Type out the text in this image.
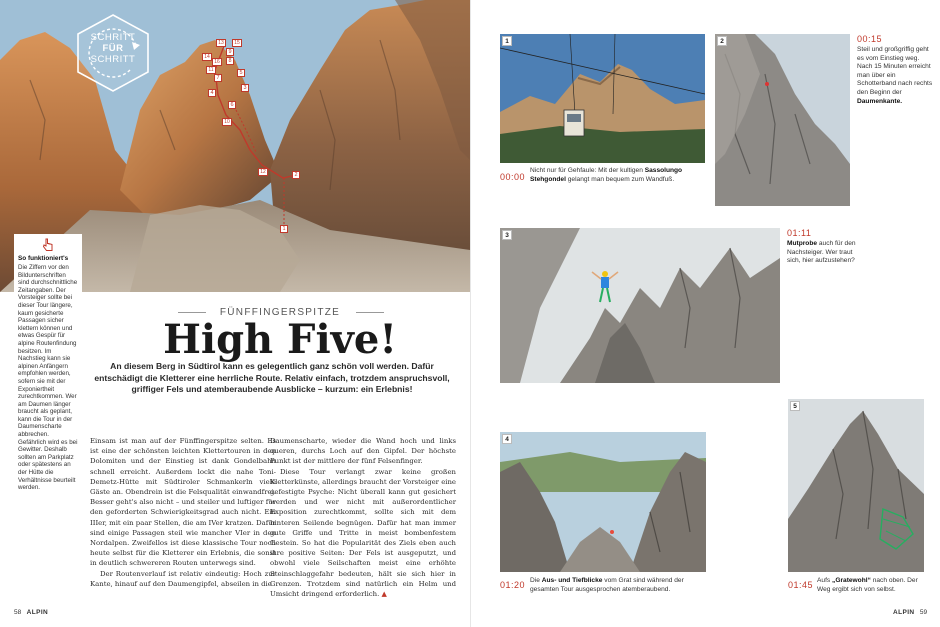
1
2
3
4
5
6
7
8
9
10
11
12
13
14
15
16
SCHRITT
FÜR
SCHRITT
So funktioniert's

Die Ziffern vor den Bildunterschriften sind durchschnittliche Zeitangaben. Der Vorsteiger sollte bei dieser Tour längere, kaum gesicherte Passagen sicher klettern können und etwas Gespür für alpine Routenfindung besitzen. Im Nachstieg kann sie alpinen Anfängern empfohlen werden, sofern sie mit der Exponiertheit zurechtkommen. Wer am Daumen länger braucht als geplant, kann die Tour in der Daumenscharte abbrechen. Gefährlich wird es bei Gewitter. Deshalb sollten am Parkplatz oder spätestens an der Hütte die Verhältnisse beurteilt werden.

FÜNFFINGERSPITZE
High Five!
An diesem Berg in Südtirol kann es gelegentlich ganz schön voll werden. Dafür entschädigt die Kletterer eine herrliche Route. Relativ einfach, trotzdem anspruchsvoll, griffiger Fels und atemberaubende Ausblicke – kurzum: ein Erlebnis!

Einsam ist man auf der Fünffingerspitze selten. Es ist eine der schönsten leichten Klettertouren in den Dolomiten und der Einstieg ist dank Gondelbahn schnell erreicht. Außerdem lockt die nahe Toni-Demetz-Hütte mit Südtiroler Schmankerln viele Gäste an. Obendrein ist die Felsqualität einwandfrei. Besser geht's also nicht – und steiler und luftiger für den geforderten Schwierigkeitsgrad auch nicht. Ein IIIer, mit ein paar Stellen, die am IVer kratzen. Dafür sind einige Passagen steil wie mancher VIer in den Nordalpen. Zweifellos ist diese klassische Tour noch heute selbst für die Kletterer ein Erlebnis, die sonst in deutlich schwereren Routen unterwegs sind.

Der Routenverlauf ist relativ eindeutig: Hoch zur Kante, hinauf auf den Daumengipfel, abseilen in die

Daumenscharte, wieder die Wand hoch und links queren, durchs Loch auf den Gipfel. Der höchste Punkt ist der mittlere der fünf Felsenfinger.

Diese Tour verlangt zwar keine großen Kletterkünste, allerdings braucht der Vorsteiger eine gefestigte Psyche: Nicht überall kann gut gesichert werden und wer nicht mit außerordentlicher Exposition zurechtkommt, sollte sich mit dem hinteren Seilende begnügen. Dafür hat man immer gute Griffe und Tritte in meist bombenfestem Gestein. So hat die Popularität des Ziels eben auch ihre positive Seiten: Der Fels ist ausgeputzt, und obwohl viele Seilschaften meist eine erhöhte Steinschlaggefahr bedeuten, hält sie sich hier in Grenzen. Trotzdem sind natürlich ein Helm und Umsicht dringend erforderlich. ▲

58 ALPIN
1
00:00
Nicht nur für Gehfaule: Mit der kultigen Sassolungo Stehgondel gelangt man bequem zum Wandfuß.
2	00:15
Steil und großgriffig geht es vom Einstieg weg. Nach 15 Minuten erreicht man über ein Schotterband nach rechts den Beginn der Daumenkante.
3	01:11
Mutprobe auch für den Nachsteiger. Wer traut sich, hier aufzustehen?
4
01:20 Die Aus- und Tiefblicke vom Grat sind während der gesamten Tour ausgesprochen atemberaubend.
5
01:45 Aufs „Gratewohl“ nach oben. Der Weg ergibt sich von selbst.
ALPIN 59
